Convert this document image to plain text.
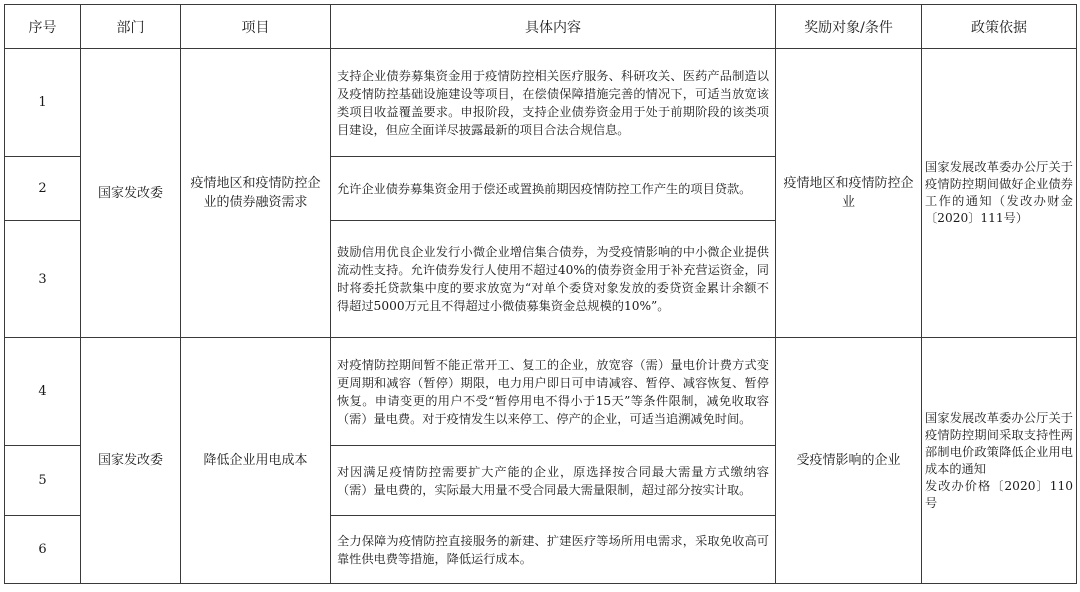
序号	部门	项目	具体内容	奖励对象/条件	政策依据
1	国家发改委	疫情地区和疫情防控企业的债券融资需求	支持企业债券募集资金用于疫情防控相关医疗服务、科研攻关、医药产品制造以及疫情防控基础设施建设等项目，在偿债保障措施完善的情况下，可适当放宽该类项目收益覆盖要求。申报阶段，支持企业债券资金用于处于前期阶段的该类项目建设，但应全面详尽披露最新的项目合法合规信息。	疫情地区和疫情防控企业	国家发展改革委办公厅关于疫情防控期间做好企业债券工作的通知（发改办财金〔2020〕111号）
2			允许企业债券募集资金用于偿还或置换前期因疫情防控工作产生的项目贷款。		
3			鼓励信用优良企业发行小微企业增信集合债券，为受疫情影响的中小微企业提供流动性支持。允许债券发行人使用不超过40%的债券资金用于补充营运资金，同时将委托贷款集中度的要求放宽为“对单个委贷对象发放的委贷资金累计余额不得超过5000万元且不得超过小微债募集资金总规模的10%”。		
4	国家发改委	降低企业用电成本	对疫情防控期间暂不能正常开工、复工的企业，放宽容（需）量电价计费方式变更周期和减容（暂停）期限，电力用户即日可申请减容、暂停、减容恢复、暂停恢复。申请变更的用户不受“暂停用电不得小于15天”等条件限制，减免收取容（需）量电费。对于疫情发生以来停工、停产的企业，可适当追溯减免时间。	受疫情影响的企业	国家发展改革委办公厅关于疫情防控期间采取支持性两部制电价政策降低企业用电成本的通知
发改办价格〔2020〕110号
5			对因满足疫情防控需要扩大产能的企业，原选择按合同最大需量方式缴纳容（需）量电费的，实际最大用量不受合同最大需量限制，超过部分按实计取。		
6			全力保障为疫情防控直接服务的新建、扩建医疗等场所用电需求，采取免收高可靠性供电费等措施，降低运行成本。		
